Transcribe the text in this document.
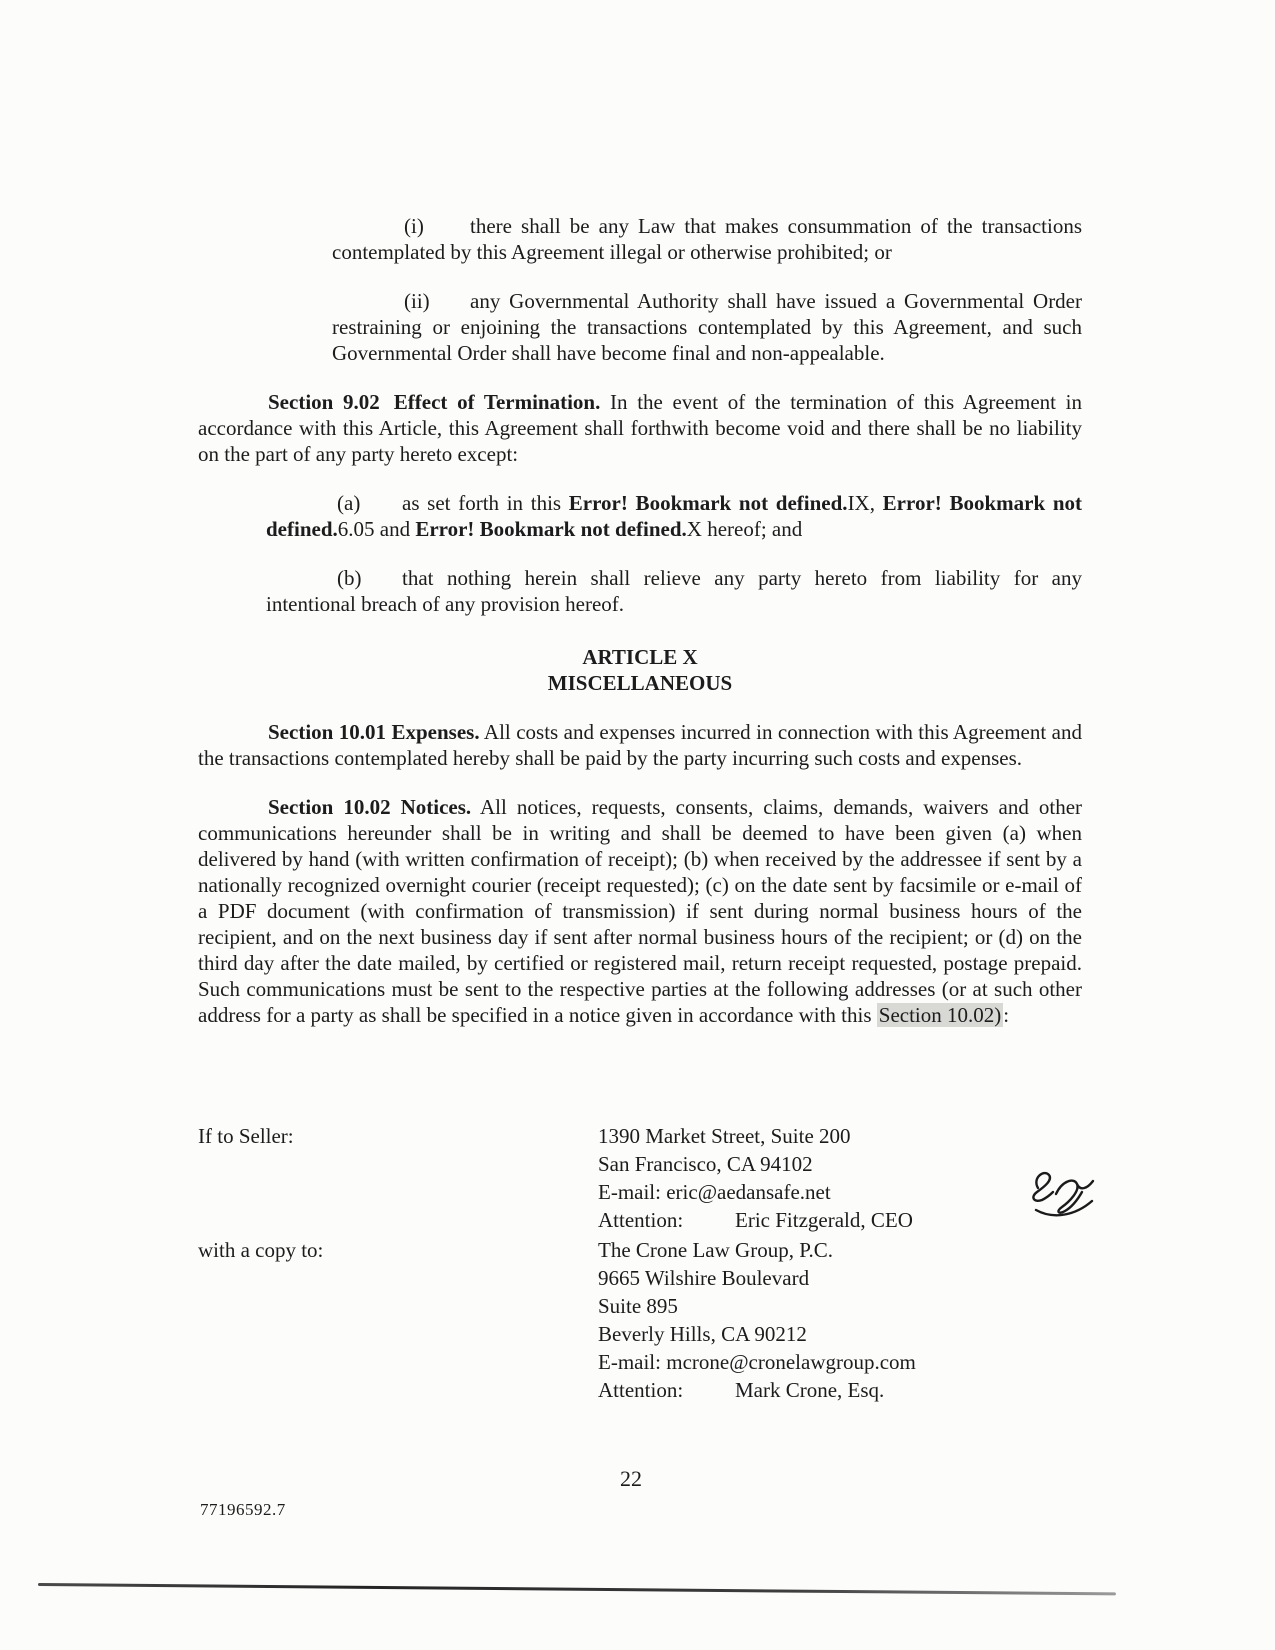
(i) there shall be any Law that makes consummation of the transactions contemplated by this Agreement illegal or otherwise prohibited; or

(ii) any Governmental Authority shall have issued a Governmental Order restraining or enjoining the transactions contemplated by this Agreement, and such Governmental Order shall have become final and non-appealable.

Section 9.02 Effect of Termination. In the event of the termination of this Agreement in accordance with this Article, this Agreement shall forthwith become void and there shall be no liability on the part of any party hereto except:

(a) as set forth in this Error! Bookmark not defined.IX, Error! Bookmark not defined.6.05 and Error! Bookmark not defined.X hereof; and

(b) that nothing herein shall relieve any party hereto from liability for any intentional breach of any provision hereof.

ARTICLE X
MISCELLANEOUS

Section 10.01 Expenses. All costs and expenses incurred in connection with this Agreement and the transactions contemplated hereby shall be paid by the party incurring such costs and expenses.

Section 10.02 Notices. All notices, requests, consents, claims, demands, waivers and other communications hereunder shall be in writing and shall be deemed to have been given (a) when delivered by hand (with written confirmation of receipt); (b) when received by the addressee if sent by a nationally recognized overnight courier (receipt requested); (c) on the date sent by facsimile or e-mail of a PDF document (with confirmation of transmission) if sent during normal business hours of the recipient, and on the next business day if sent after normal business hours of the recipient; or (d) on the third day after the date mailed, by certified or registered mail, return receipt requested, postage prepaid. Such communications must be sent to the respective parties at the following addresses (or at such other address for a party as shall be specified in a notice given in accordance with this Section 10.02):

If to Seller:	1390 Market Street, Suite 200
San Francisco, CA 94102
E-mail: eric@aedansafe.net
Attention: Eric Fitzgerald, CEO
with a copy to:	The Crone Law Group, P.C.
9665 Wilshire Boulevard
Suite 895
Beverly Hills, CA 90212
E-mail: mcrone@cronelawgroup.com
Attention: Mark Crone, Esq.
22
77196592.7
